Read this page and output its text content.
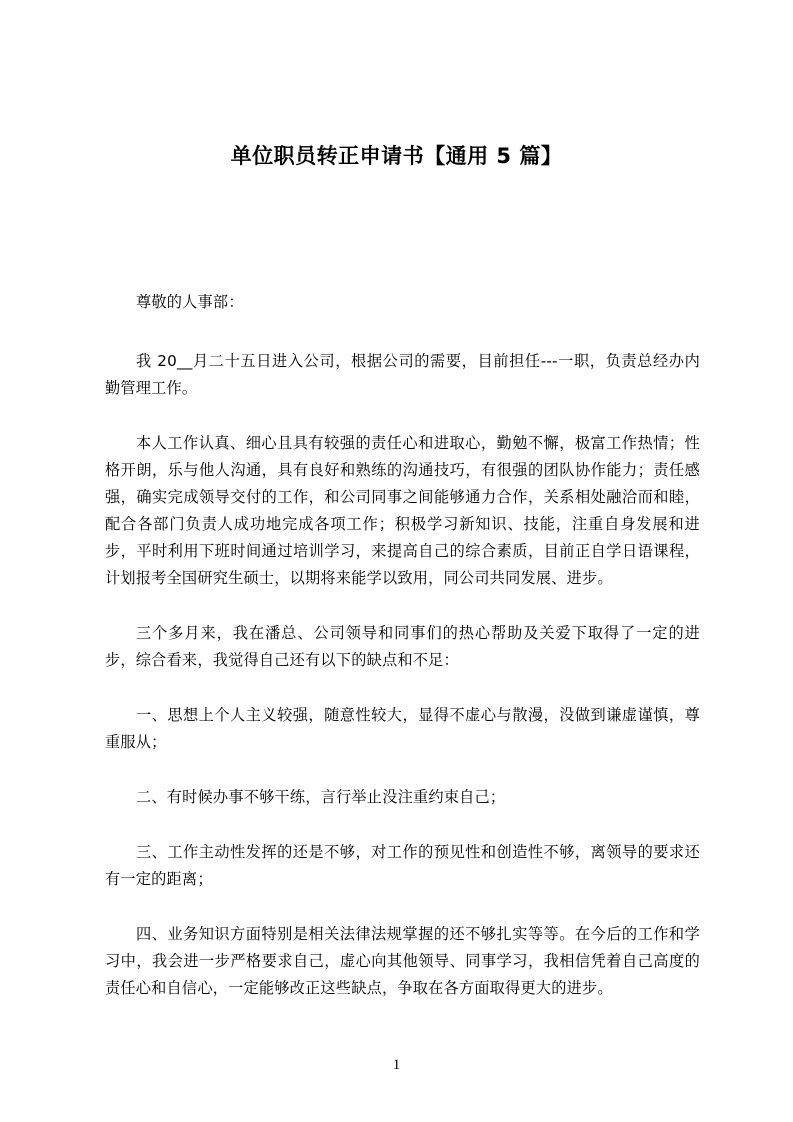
单位职员转正申请书【通用 5 篇】

尊敬的人事部：

我 20__月二十五日进入公司，根据公司的需要，目前担任---一职，负责总经办内勤管理工作。

本人工作认真、细心且具有较强的责任心和进取心，勤勉不懈，极富工作热情；性格开朗，乐与他人沟通，具有良好和熟练的沟通技巧，有很强的团队协作能力；责任感强，确实完成领导交付的工作，和公司同事之间能够通力合作，关系相处融洽而和睦，配合各部门负责人成功地完成各项工作；积极学习新知识、技能，注重自身发展和进步，平时利用下班时间通过培训学习，来提高自己的综合素质，目前正自学日语课程，计划报考全国研究生硕士，以期将来能学以致用，同公司共同发展、进步。

三个多月来，我在潘总、公司领导和同事们的热心帮助及关爱下取得了一定的进步，综合看来，我觉得自己还有以下的缺点和不足：

一、思想上个人主义较强，随意性较大，显得不虚心与散漫，没做到谦虚谨慎，尊重服从；

二、有时候办事不够干练，言行举止没注重约束自己；

三、工作主动性发挥的还是不够，对工作的预见性和创造性不够，离领导的要求还有一定的距离；

四、业务知识方面特别是相关法律法规掌握的还不够扎实等等。在今后的工作和学习中，我会进一步严格要求自己，虚心向其他领导、同事学习，我相信凭着自己高度的责任心和自信心，一定能够改正这些缺点，争取在各方面取得更大的进步。

1
